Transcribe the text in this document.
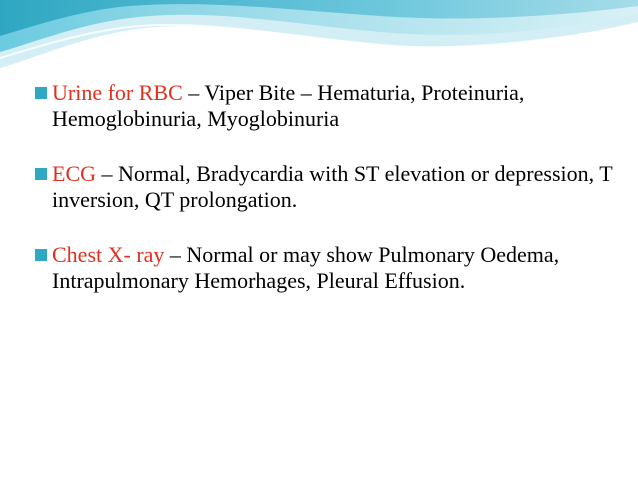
Urine for RBC – Viper Bite – Hematuria, Proteinuria, Hemoglobinuria, Myoglobinuria
ECG – Normal, Bradycardia with ST elevation or depression, T inversion, QT prolongation.
Chest X- ray – Normal or may show Pulmonary Oedema, Intrapulmonary Hemorhages, Pleural Effusion.
